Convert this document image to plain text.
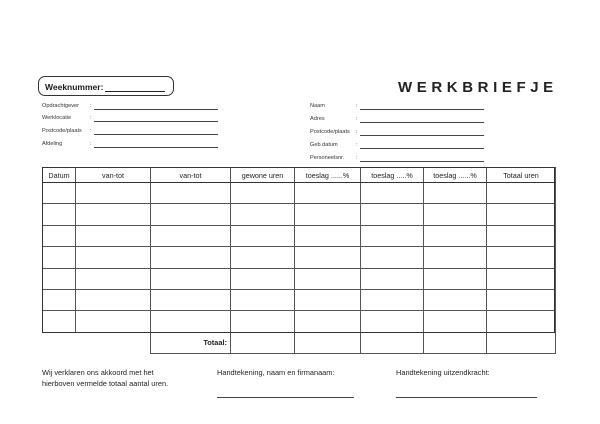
Weeknummer:	WERKBRIEFJE
Opdrachtgever :
Werklocatie	:
Postcode/plaats :
Afdeling	:
Naam	:
Adres	:
Postcode/plaats :
Geb.datum	:
Personeelsnr. :
Datum	van-tot	van-tot	gewone uren	toeslag ......%	toeslag .....%	toeslag ......%	Totaal uren

		Totaal:					
Wij verklaren ons akkoord met het
hierboven vermelde totaal aantal uren.
Handtekening, naam en firmanaam:	Handtekening uitzendkracht:
